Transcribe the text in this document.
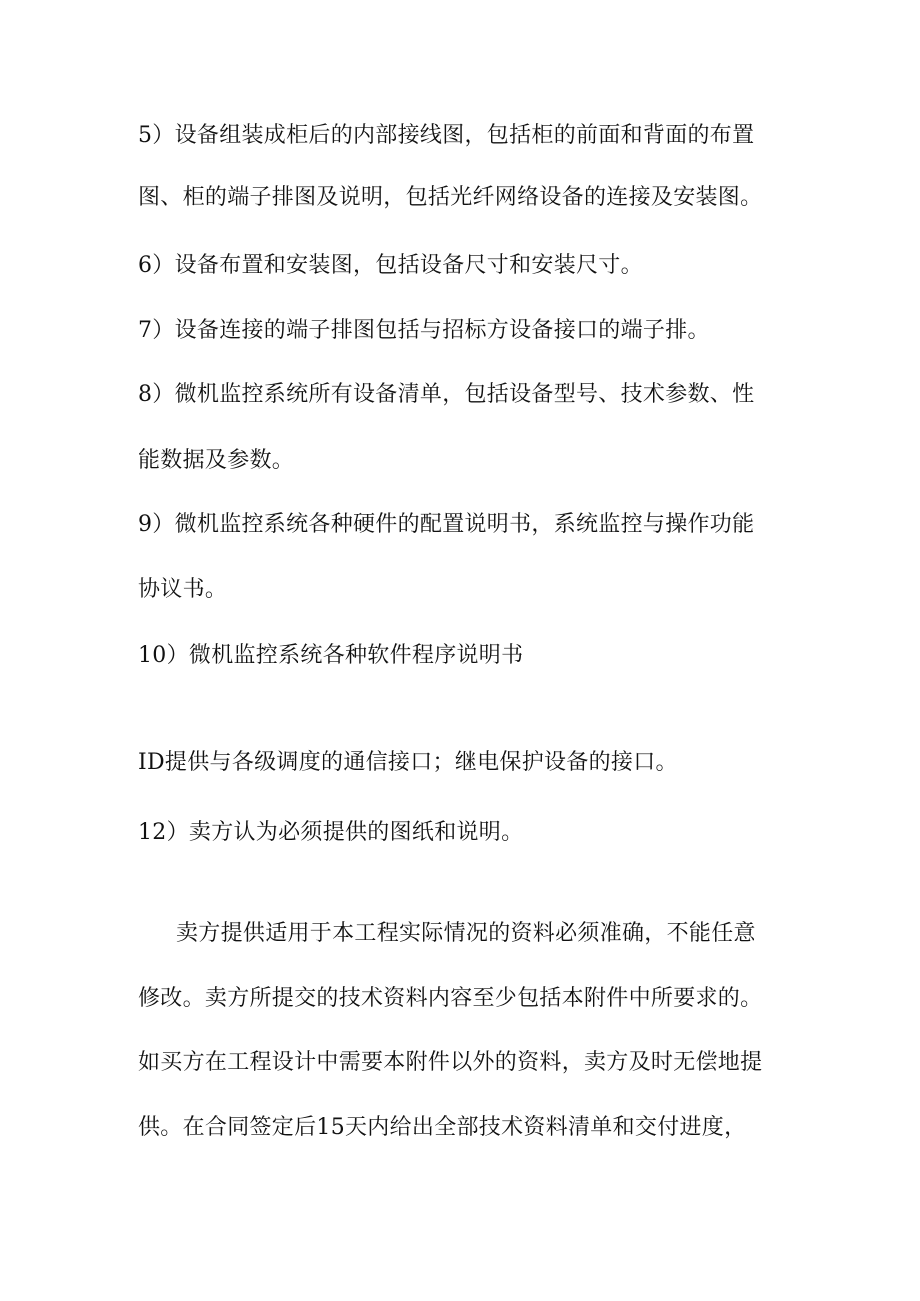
5）设备组装成柜后的内部接线图，包括柜的前面和背面的布置
图、柜的端子排图及说明，包括光纤网络设备的连接及安装图。
6）设备布置和安装图，包括设备尺寸和安装尺寸。
7）设备连接的端子排图包括与招标方设备接口的端子排。
8）微机监控系统所有设备清单，包括设备型号、技术参数、性
能数据及参数。
9）微机监控系统各种硬件的配置说明书，系统监控与操作功能
协议书。
10）微机监控系统各种软件程序说明书
ID提供与各级调度的通信接口；继电保护设备的接口。
12）卖方认为必须提供的图纸和说明。
卖方提供适用于本工程实际情况的资料必须准确，不能任意
修改。卖方所提交的技术资料内容至少包括本附件中所要求的。
如买方在工程设计中需要本附件以外的资料，卖方及时无偿地提
供。在合同签定后15天内给出全部技术资料清单和交付进度，
